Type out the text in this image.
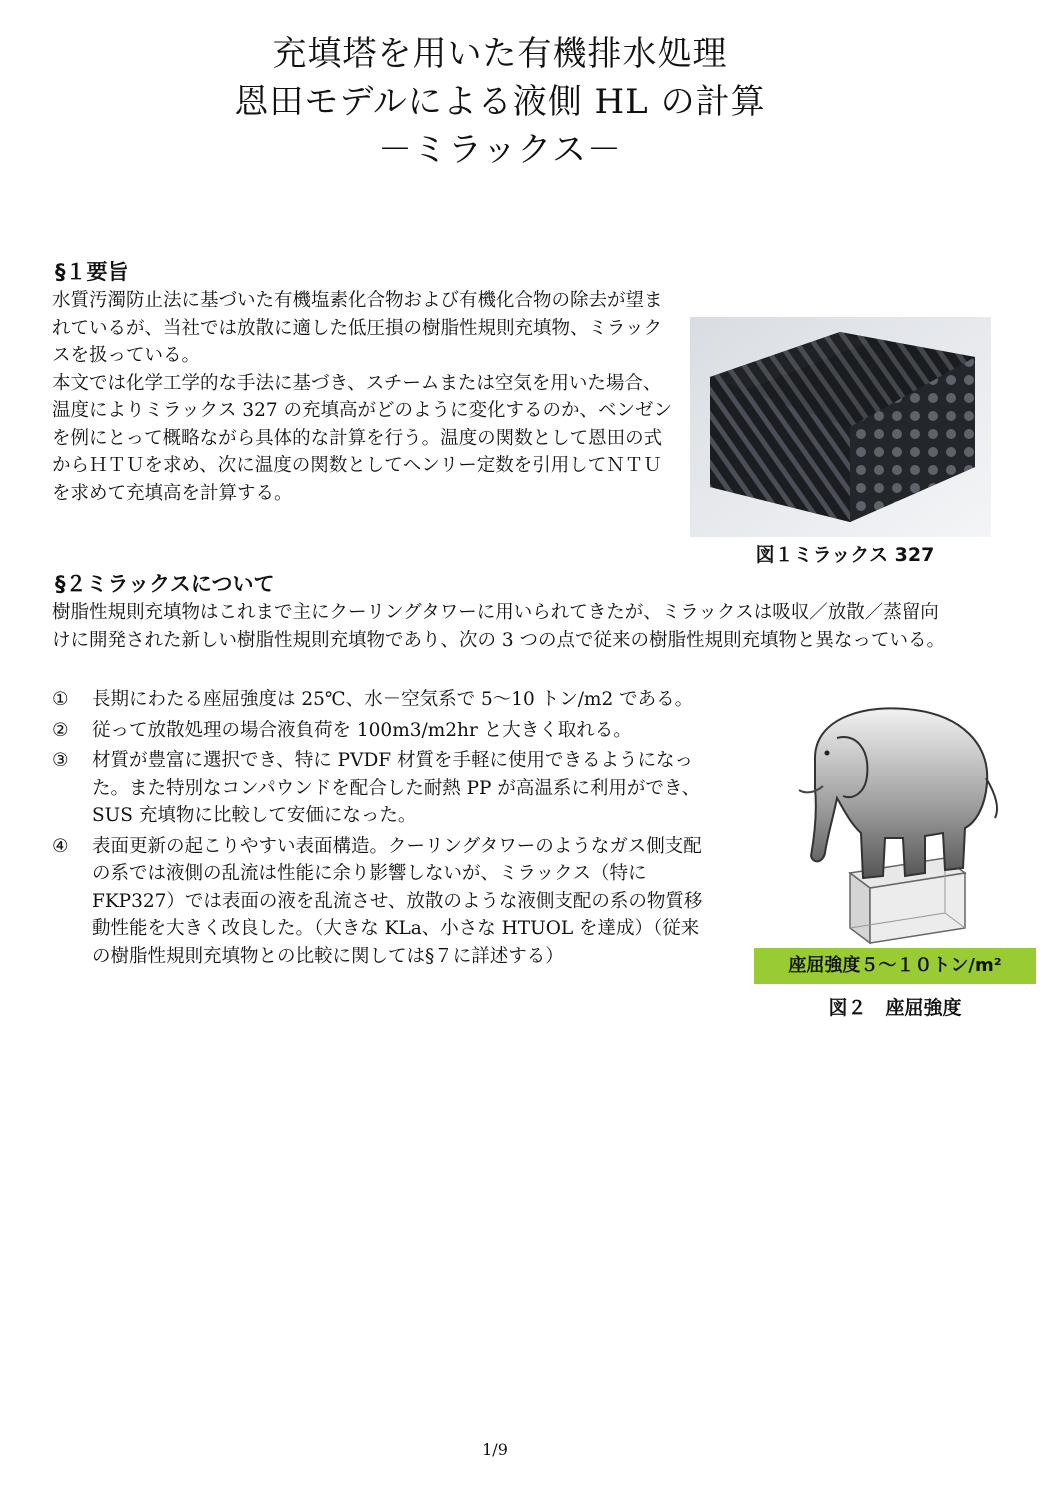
充填塔を用いた有機排水処理
恩田モデルによる液側 HL の計算
－ミラックス－
§１要旨
水質汚濁防止法に基づいた有機塩素化合物および有機化合物の除去が望まれているが、当社では放散に適した低圧損の樹脂性規則充填物、ミラックスを扱っている。
本文では化学工学的な手法に基づき、スチームまたは空気を用いた場合、温度によりミラックス 327 の充填高がどのように変化するのか、ベンゼンを例にとって概略ながら具体的な計算を行う。温度の関数として恩田の式からＨＴＵを求め、次に温度の関数としてヘンリー定数を引用してＮＴＵを求めて充填高を計算する。
図１ミラックス 327
§２ミラックスについて
樹脂性規則充填物はこれまで主にクーリングタワーに用いられてきたが、ミラックスは吸収／放散／蒸留向けに開発された新しい樹脂性規則充填物であり、次の 3 つの点で従来の樹脂性規則充填物と異なっている。
① 長期にわたる座屈強度は 25℃、水－空気系で 5～10 トン/m2 である。
② 従って放散処理の場合液負荷を 100m3/m2hr と大きく取れる。
③ 材質が豊富に選択でき、特に PVDF 材質を手軽に使用できるようになった。また特別なコンパウンドを配合した耐熱 PP が高温系に利用ができ、SUS 充填物に比較して安価になった。
④ 表面更新の起こりやすい表面構造。クーリングタワーのようなガス側支配の系では液側の乱流は性能に余り影響しないが、ミラックス（特に FKP327）では表面の液を乱流させ、放散のような液側支配の系の物質移動性能を大きく改良した。（大きな KLa、小さな HTUOL を達成）（従来の樹脂性規則充填物との比較に関しては§７に詳述する）	座屈強度５～１０トン/m²
図２　座屈強度
1/9
